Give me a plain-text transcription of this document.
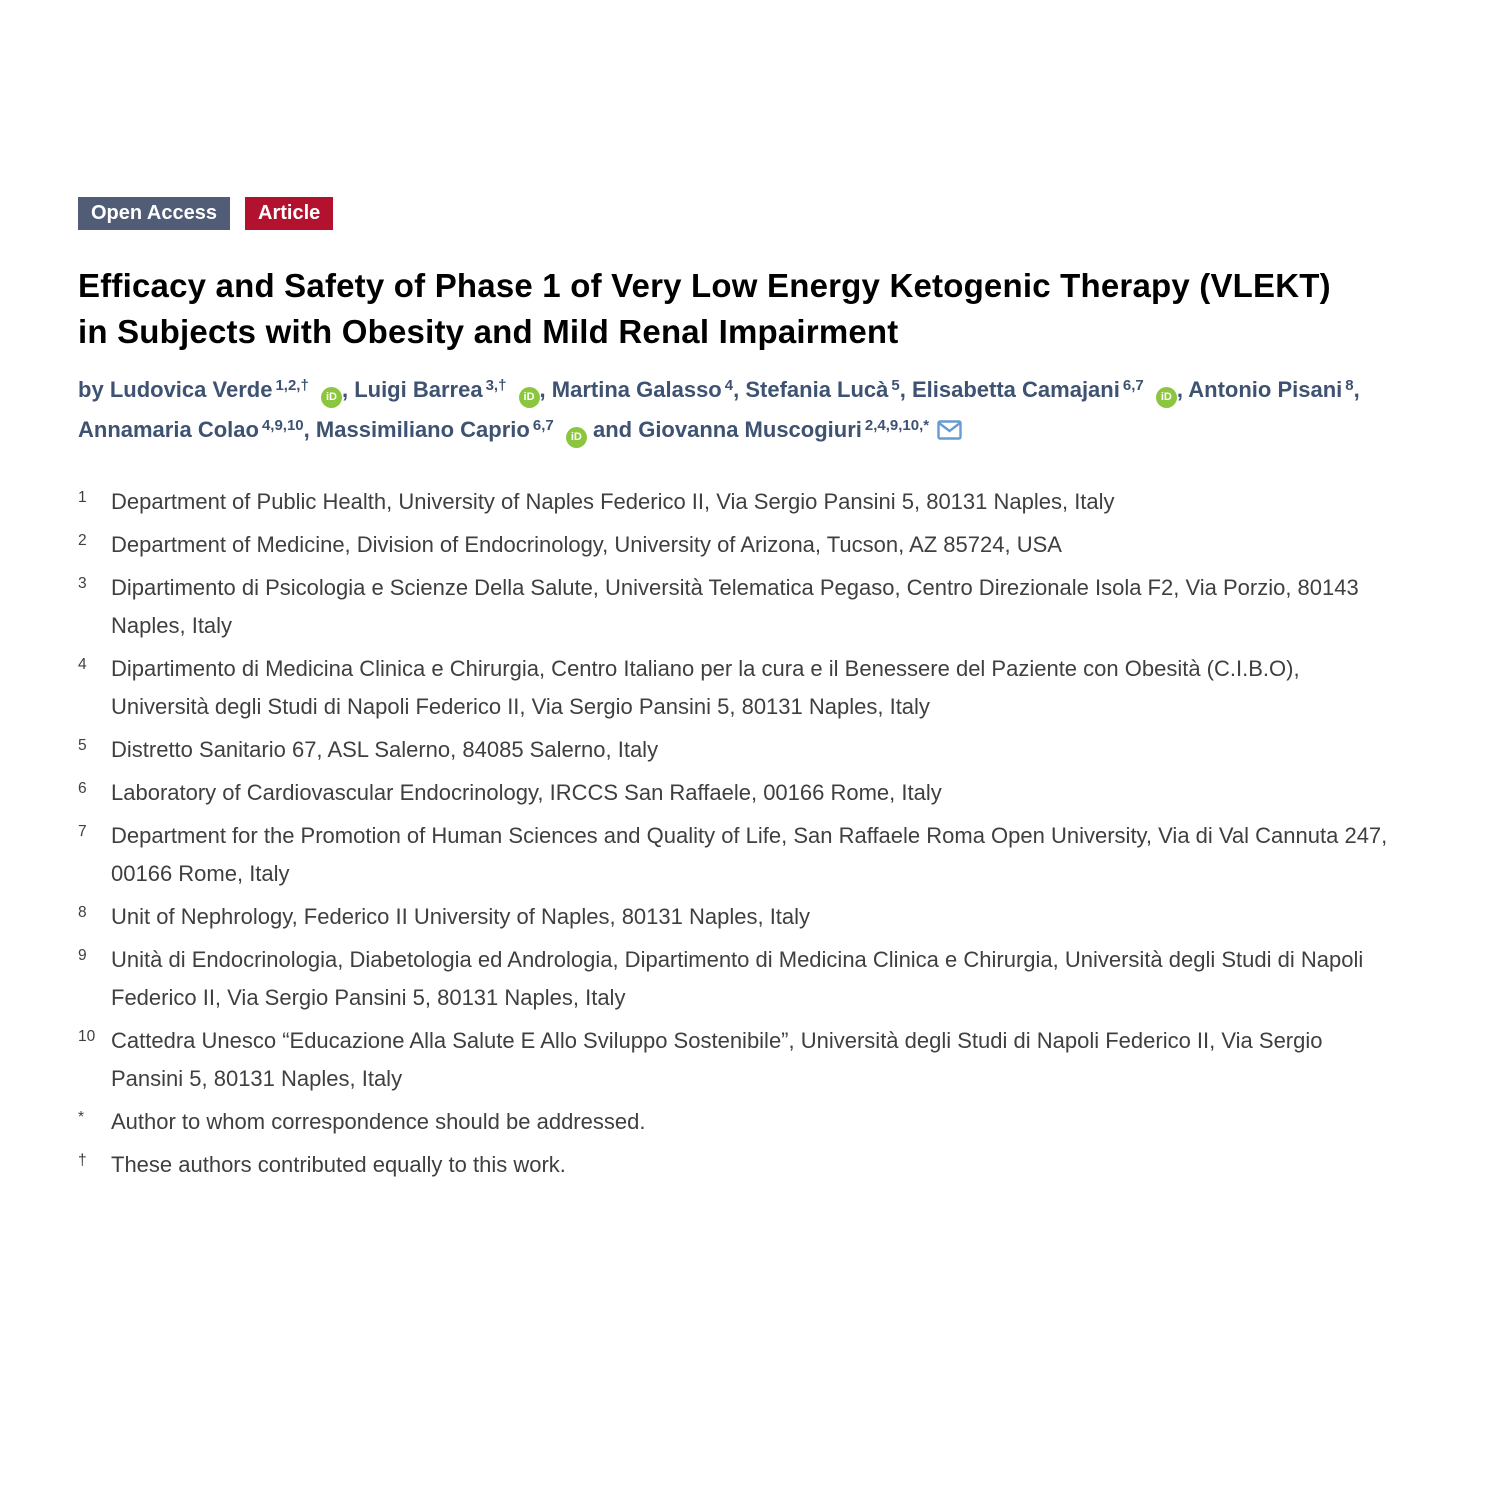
Open Access	Article
Efficacy and Safety of Phase 1 of Very Low Energy Ketogenic Therapy (VLEKT) in Subjects with Obesity and Mild Renal Impairment
by Ludovica Verde $^{1,2,\dagger}$ iD , Luigi Barrea $^{3,\dagger}$ iD , Martina Galasso $^4$, Stefania Lucà $^5$, Elisabetta Camajani $^{6,7}$ iD , Antonio Pisani $^8$, Annamaria Colao $^{4,9,10}$, Massimiliano Caprio $^{6,7}$ iD and Giovanna Muscogiuri $^{2,4,9,10,*}$
1	Department of Public Health, University of Naples Federico II, Via Sergio Pansini 5, 80131 Naples, Italy
2	Department of Medicine, Division of Endocrinology, University of Arizona, Tucson, AZ 85724, USA
3	Dipartimento di Psicologia e Scienze Della Salute, Università Telematica Pegaso, Centro Direzionale Isola F2, Via Porzio, 80143 Naples, Italy
4	Dipartimento di Medicina Clinica e Chirurgia, Centro Italiano per la cura e il Benessere del Paziente con Obesità (C.I.B.O), Università degli Studi di Napoli Federico II, Via Sergio Pansini 5, 80131 Naples, Italy
5	Distretto Sanitario 67, ASL Salerno, 84085 Salerno, Italy
6	Laboratory of Cardiovascular Endocrinology, IRCCS San Raffaele, 00166 Rome, Italy
7	Department for the Promotion of Human Sciences and Quality of Life, San Raffaele Roma Open University, Via di Val Cannuta 247, 00166 Rome, Italy
8	Unit of Nephrology, Federico II University of Naples, 80131 Naples, Italy
9	Unità di Endocrinologia, Diabetologia ed Andrologia, Dipartimento di Medicina Clinica e Chirurgia, Università degli Studi di Napoli Federico II, Via Sergio Pansini 5, 80131 Naples, Italy
10 Cattedra Unesco “Educazione Alla Salute E Allo Sviluppo Sostenibile”, Università degli Studi di Napoli Federico II, Via Sergio Pansini 5, 80131 Naples, Italy
*	Author to whom correspondence should be addressed.
†	These authors contributed equally to this work.
